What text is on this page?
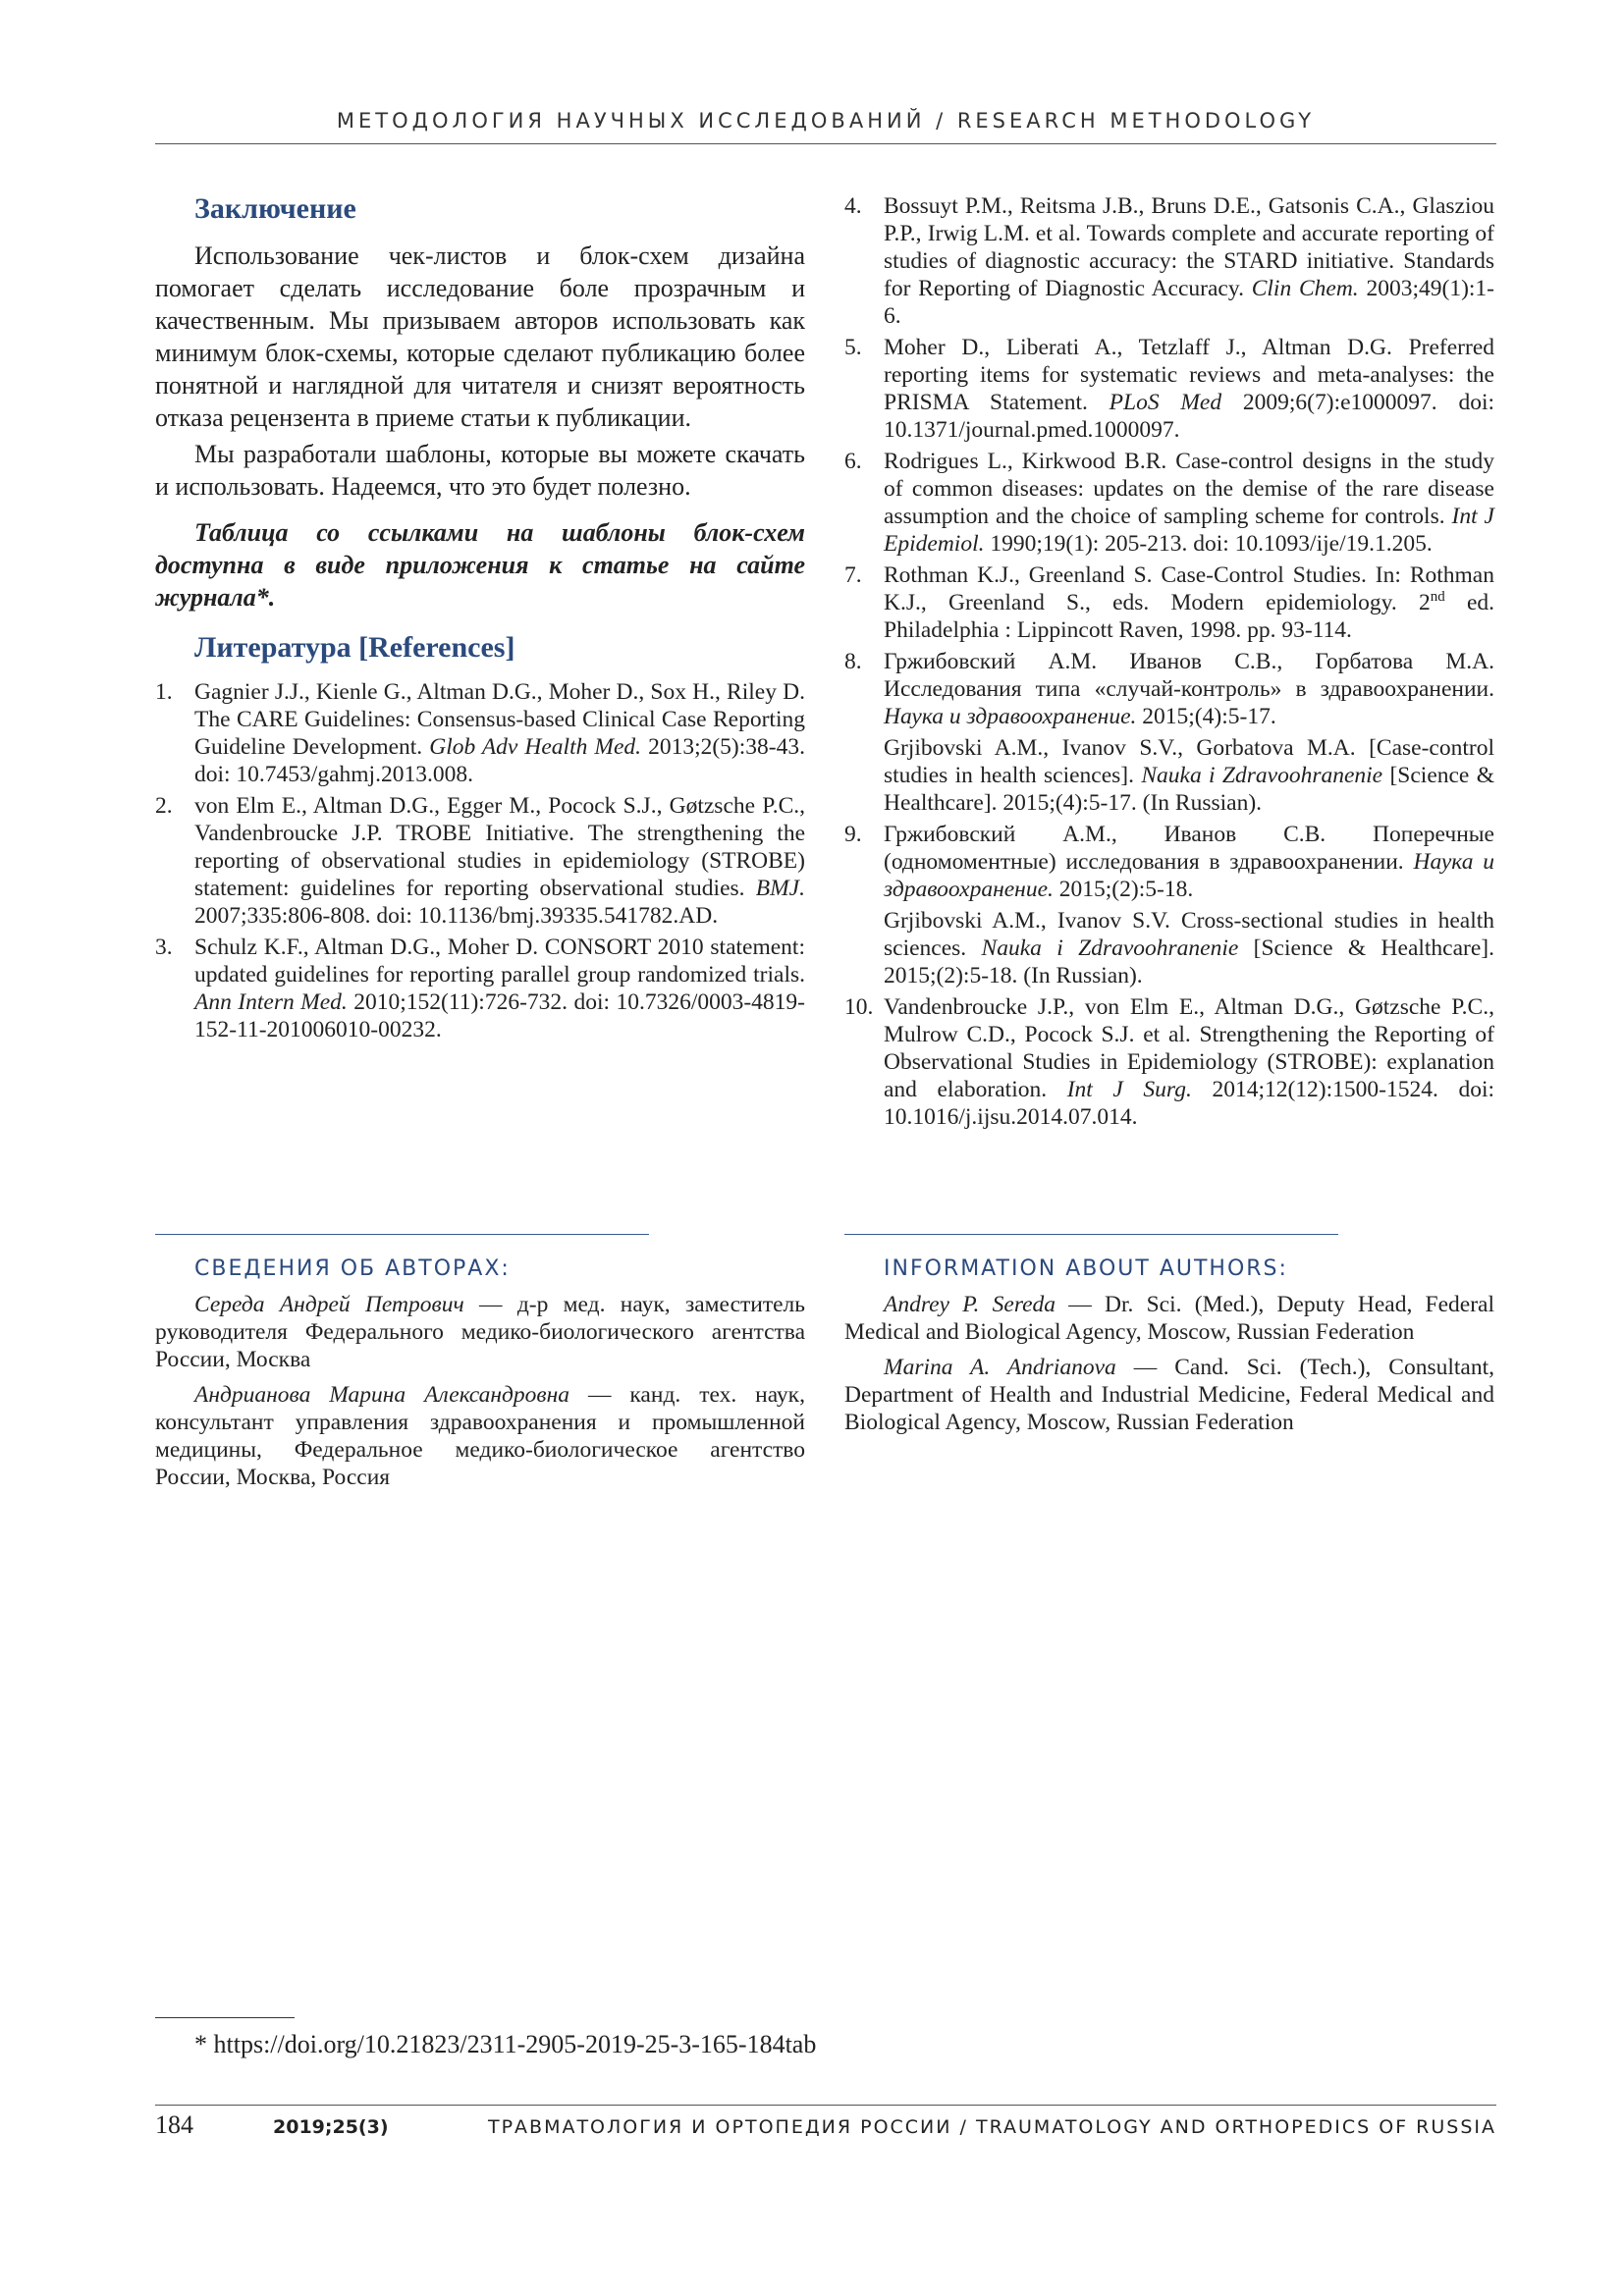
МЕТОДОЛОГИЯ НАУЧНЫХ ИССЛЕДОВАНИЙ / RESEARCH METHODOLOGY
Заключение

Использование чек-листов и блок-схем дизайна помогает сделать исследование боле прозрачным и качественным. Мы призываем авторов использовать как минимум блок-схемы, которые сделают публикацию более понятной и наглядной для читателя и снизят вероятность отказа рецензента в приеме статьи к публикации.

Мы разработали шаблоны, которые вы можете скачать и использовать. Надеемся, что это будет полезно.

Таблица со ссылками на шаблоны блок-схем доступна в виде приложения к статье на сайте журнала*.

Литература [References]
1. Gagnier J.J., Kienle G., Altman D.G., Moher D., Sox H., Riley D. The CARE Guidelines: Consensus-based Clinical Case Reporting Guideline Development. Glob Adv Health Med. 2013;2(5):38-43. doi: 10.7453/gahmj.2013.008.
2. von Elm E., Altman D.G., Egger M., Pocock S.J., Gøtzsche P.C., Vandenbroucke J.P. TROBE Initiative. The strengthening the reporting of observational studies in epidemiology (STROBE) statement: guidelines for reporting observational studies. BMJ. 2007;335:806-808. doi: 10.1136/bmj.39335.541782.AD.
3. Schulz K.F., Altman D.G., Moher D. CONSORT 2010 statement: updated guidelines for reporting parallel group randomized trials. Ann Intern Med. 2010;152(11):726-732. doi: 10.7326/0003-4819-152-11-201006010-00232.
4. Bossuyt P.M., Reitsma J.B., Bruns D.E., Gatsonis C.A., Glasziou P.P., Irwig L.M. et al. Towards complete and accurate reporting of studies of diagnostic accuracy: the STARD initiative. Standards for Reporting of Diagnostic Accuracy. Clin Chem. 2003;49(1):1-6.
5. Moher D., Liberati A., Tetzlaff J., Altman D.G. Preferred reporting items for systematic reviews and meta-analyses: the PRISMA Statement. PLoS Med 2009;6(7):e1000097. doi: 10.1371/journal.pmed.1000097.
6. Rodrigues L., Kirkwood B.R. Case-control designs in the study of common diseases: updates on the demise of the rare disease assumption and the choice of sampling scheme for controls. Int J Epidemiol. 1990;19(1): 205-213. doi: 10.1093/ije/19.1.205.
7. Rothman K.J., Greenland S. Case-Control Studies. In: Rothman K.J., Greenland S., eds. Modern epidemiology. 2nd ed. Philadelphia : Lippincott Raven, 1998. pp. 93-114.
8. Гржибовский А.М. Иванов С.В., Горбатова М.А. Исследования типа «случай-контроль» в здравоохранении. Наука и здравоохранение. 2015;(4):5-17.
Grjibovski A.M., Ivanov S.V., Gorbatova M.A. [Case-control studies in health sciences]. Nauka i Zdravoohranenie [Science & Healthcare]. 2015;(4):5-17. (In Russian).
9. Гржибовский А.М., Иванов С.В. Поперечные (одномоментные) исследования в здравоохранении. Наука и здравоохранение. 2015;(2):5-18.
Grjibovski A.M., Ivanov S.V. Cross-sectional studies in health sciences. Nauka i Zdravoohranenie [Science & Healthcare]. 2015;(2):5-18. (In Russian).
10. Vandenbroucke J.P., von Elm E., Altman D.G., Gøtzsche P.C., Mulrow C.D., Pocock S.J. et al. Strengthening the Reporting of Observational Studies in Epidemiology (STROBE): explanation and elaboration. Int J Surg. 2014;12(12):1500-1524. doi: 10.1016/j.ijsu.2014.07.014.
СВЕДЕНИЯ ОБ АВТОРАХ:

Середа Андрей Петрович — д-р мед. наук, заместитель руководителя Федерального медико-биологического агентства России, Москва

Андрианова Марина Александровна — канд. тех. наук, консультант управления здравоохранения и промышленной медицины, Федеральное медико-биологическое агентство России, Москва, Россия

INFORMATION ABOUT AUTHORS:

Andrey P. Sereda — Dr. Sci. (Med.), Deputy Head, Federal Medical and Biological Agency, Moscow, Russian Federation

Marina A. Andrianova — Cand. Sci. (Tech.), Consultant, Department of Health and Industrial Medicine, Federal Medical and Biological Agency, Moscow, Russian Federation

* https://doi.org/10.21823/2311-2905-2019-25-3-165-184tab
184	2019;25(3)	ТРАВМАТОЛОГИЯ И ОРТОПЕДИЯ РОССИИ / TRAUMATOLOGY AND ORTHOPEDICS OF RUSSIA
